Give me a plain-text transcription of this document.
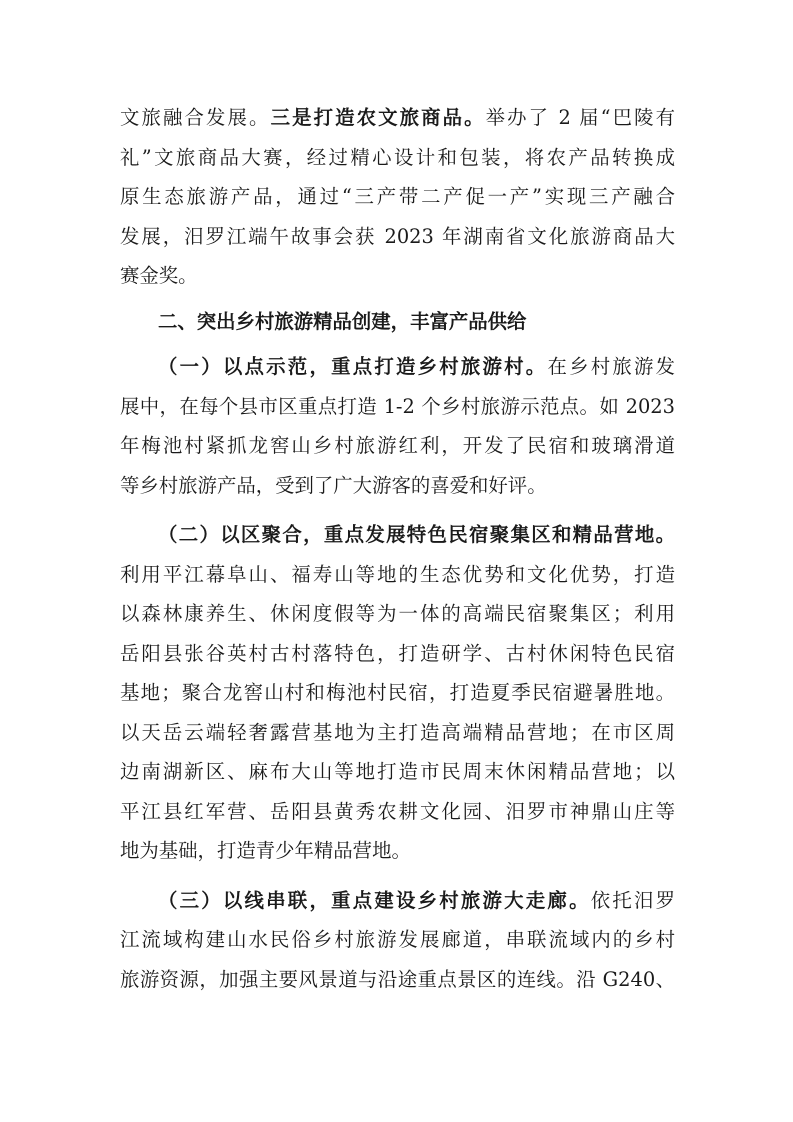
文旅融合发展。三是打造农文旅商品。举办了 2 届“巴陵有
礼”文旅商品大赛，经过精心设计和包装，将农产品转换成
原生态旅游产品，通过“三产带二产促一产”实现三产融合
发展，汨罗江端午故事会获 2023 年湖南省文化旅游商品大
赛金奖。
二、突出乡村旅游精品创建，丰富产品供给
（一）以点示范，重点打造乡村旅游村。在乡村旅游发
展中，在每个县市区重点打造 1-2 个乡村旅游示范点。如 2023
年梅池村紧抓龙窖山乡村旅游红利，开发了民宿和玻璃滑道
等乡村旅游产品，受到了广大游客的喜爱和好评。
（二）以区聚合，重点发展特色民宿聚集区和精品营地。
利用平江幕阜山、福寿山等地的生态优势和文化优势，打造
以森林康养生、休闲度假等为一体的高端民宿聚集区；利用
岳阳县张谷英村古村落特色，打造研学、古村休闲特色民宿
基地；聚合龙窖山村和梅池村民宿，打造夏季民宿避暑胜地。
以天岳云端轻奢露营基地为主打造高端精品营地；在市区周
边南湖新区、麻布大山等地打造市民周末休闲精品营地；以
平江县红军营、岳阳县黄秀农耕文化园、汨罗市神鼎山庄等
地为基础，打造青少年精品营地。
（三）以线串联，重点建设乡村旅游大走廊。依托汨罗
江流域构建山水民俗乡村旅游发展廊道，串联流域内的乡村
旅游资源，加强主要风景道与沿途重点景区的连线。沿 G240、
